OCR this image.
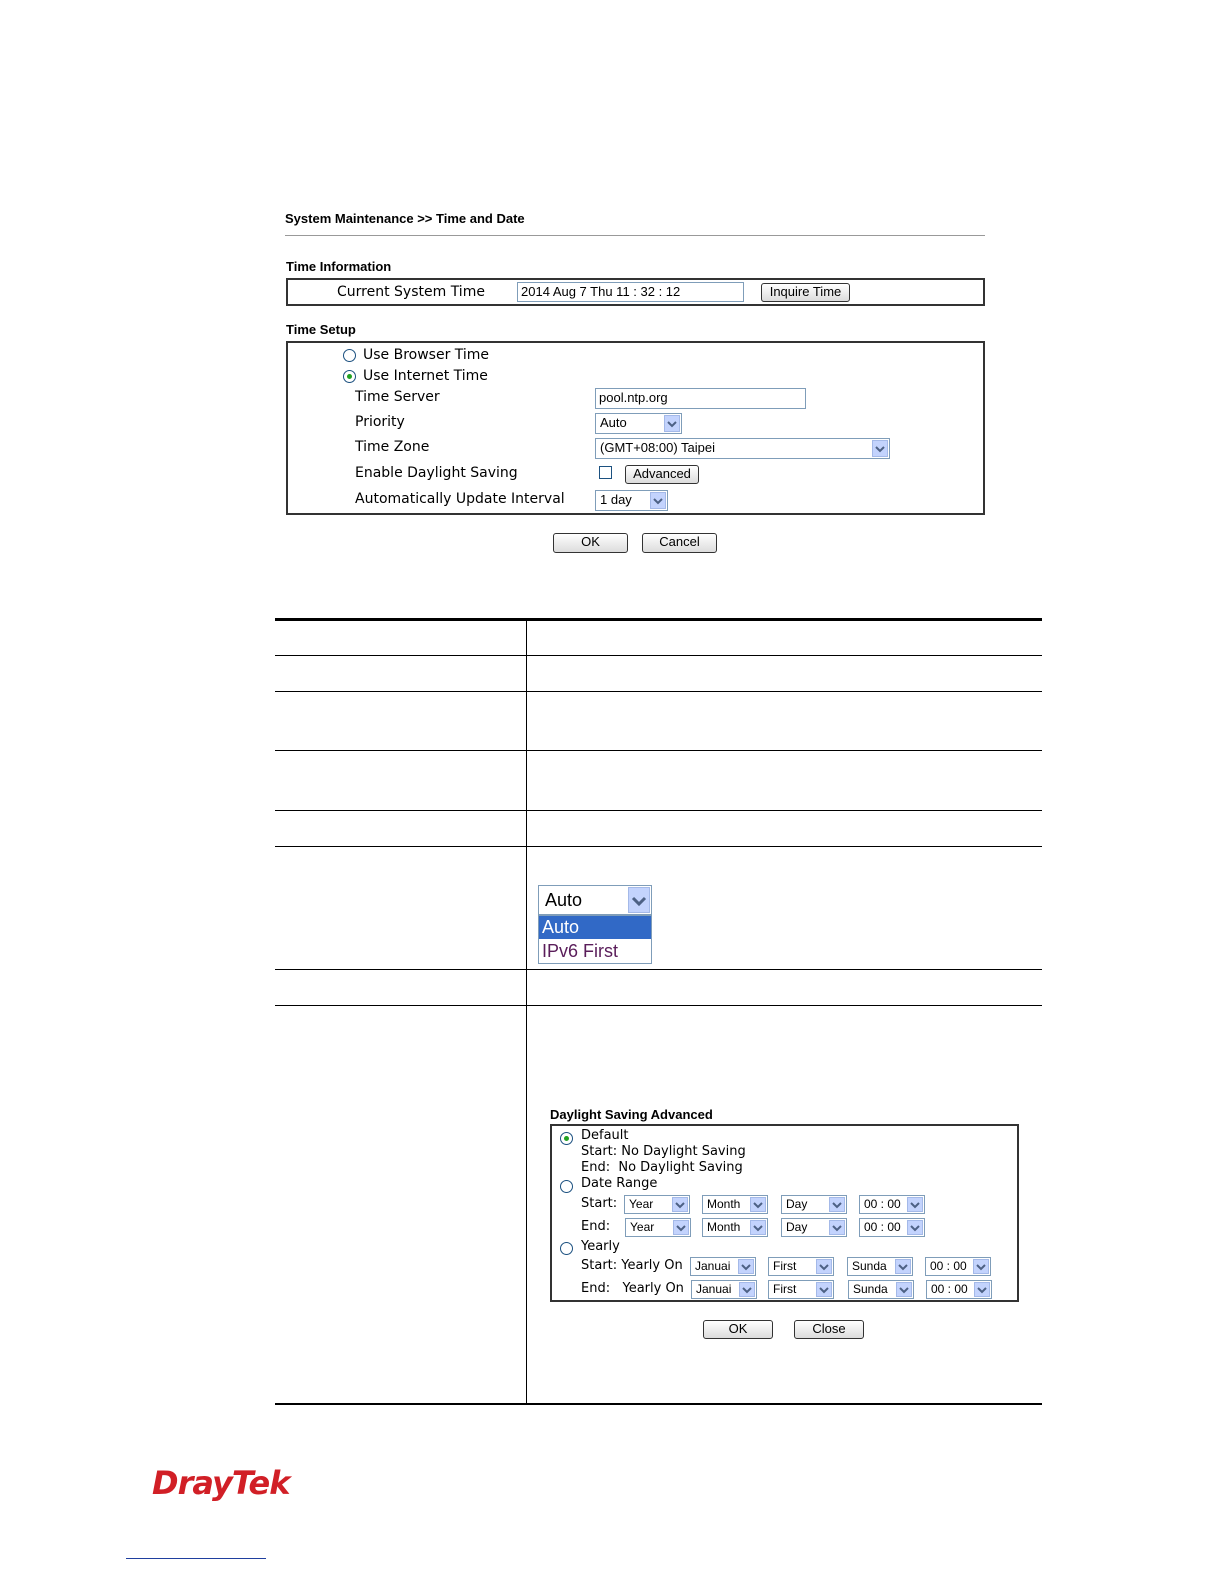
System Maintenance >> Time and Date
Time Information
Current System Time	2014 Aug 7 Thu 11 : 32 : 12	Inquire Time
Time Setup
Use Browser Time
Use Internet Time
Time Server	pool.ntp.org
Priority	Auto
Time Zone	(GMT+08:00) Taipei
Enable Daylight Saving	Advanced
Automatically Update Interval	1 day
OK	Cancel
Auto
Auto
IPv6 First
Daylight Saving Advanced
Default
Start: No Daylight Saving
End:  No Daylight Saving
Date Range
Start: Year	Month	Day	00 : 00
End: Year	Month	Day	00 : 00
Yearly
Start: Yearly On Januai	First	Sunda	00 : 00
End:   Yearly On Januai	First	Sunda	00 : 00
OK	Close
DrayTek
